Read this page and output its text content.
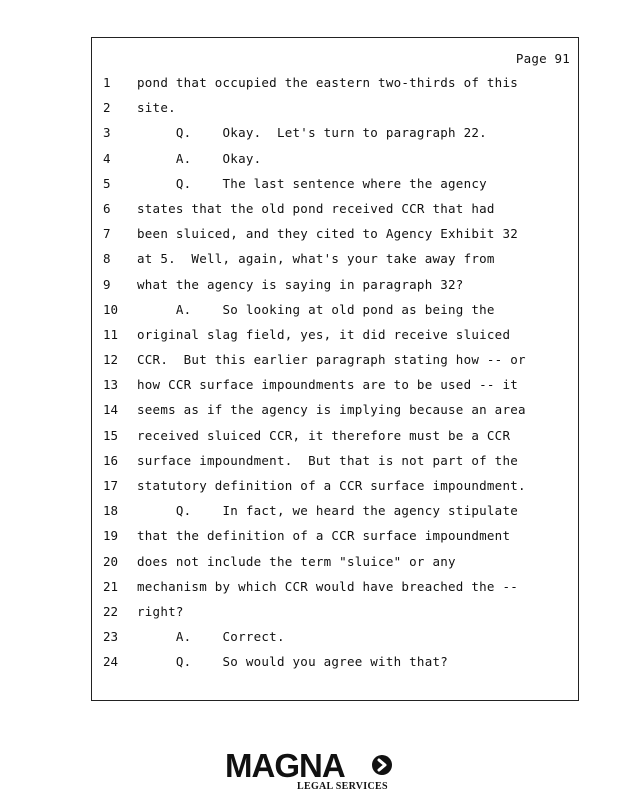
Page 91
1	pond that occupied the eastern two-thirds of this
2	site.
3	Q.    Okay.  Let's turn to paragraph 22.
4	A.    Okay.
5	Q.    The last sentence where the agency
6	states that the old pond received CCR that had
7	been sluiced, and they cited to Agency Exhibit 32
8	at 5.  Well, again, what's your take away from
9	what the agency is saying in paragraph 32?
10	A.    So looking at old pond as being the
11	original slag field, yes, it did receive sluiced
12	CCR.  But this earlier paragraph stating how -- or
13	how CCR surface impoundments are to be used -- it
14	seems as if the agency is implying because an area
15	received sluiced CCR, it therefore must be a CCR
16	surface impoundment.  But that is not part of the
17	statutory definition of a CCR surface impoundment.
18	Q.    In fact, we heard the agency stipulate
19	that the definition of a CCR surface impoundment
20	does not include the term "sluice" or any
21	mechanism by which CCR would have breached the --
22	right?
23	A.    Correct.
24	Q.    So would you agree with that?
MAGNA
LEGAL SERVICES
